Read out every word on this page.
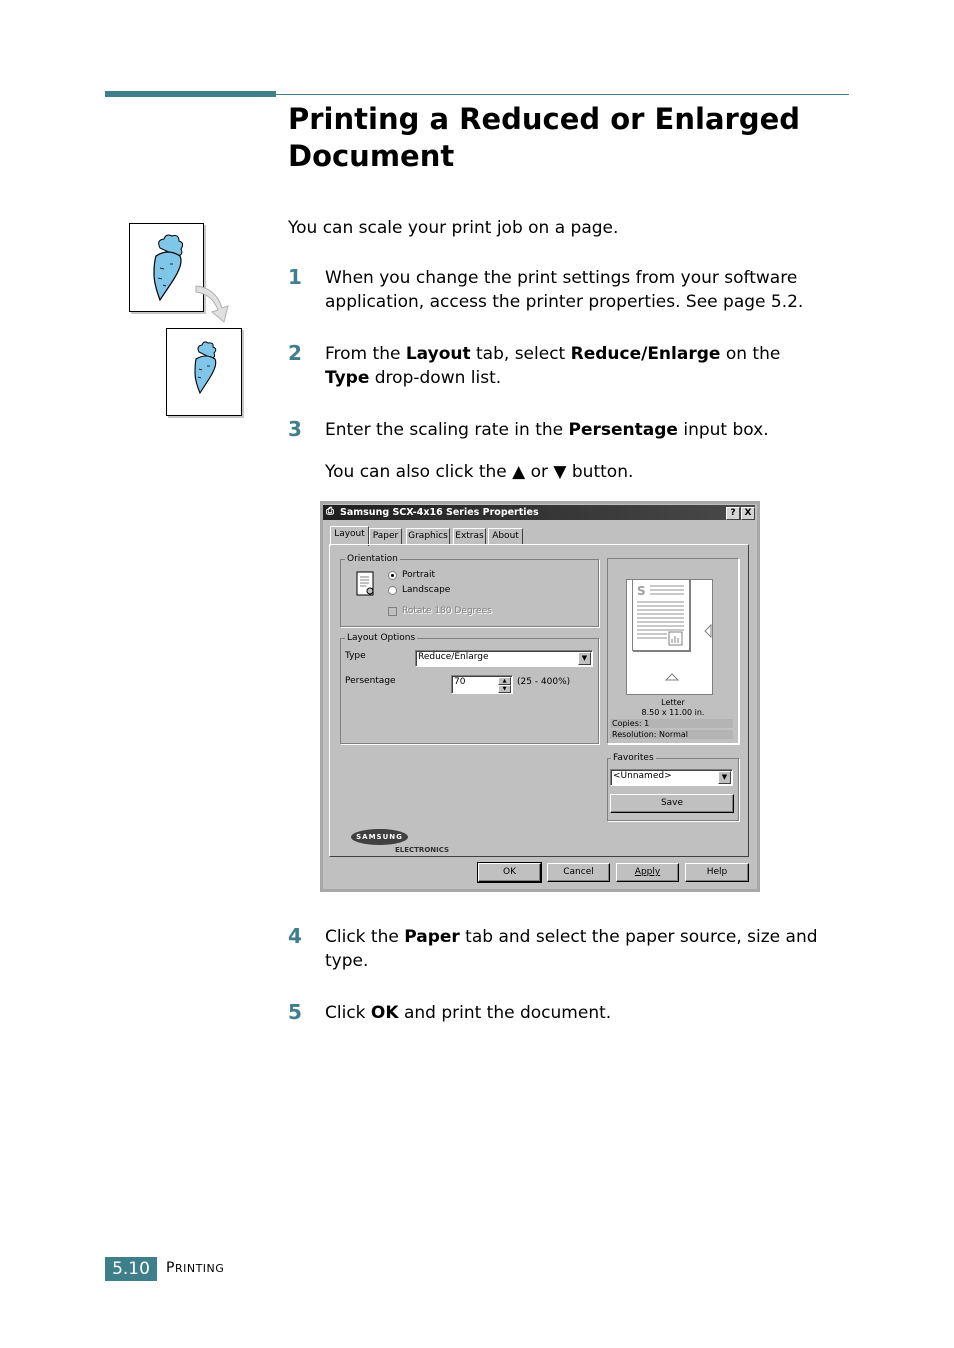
Printing a Reduced or Enlarged
Document
You can scale your print job on a page.
1 When you change the print settings from your software
application, access the printer properties. See page 5.2.
2 From the Layout tab, select Reduce/Enlarge on the
Type drop-down list.
3 Enter the scaling rate in the Persentage input box.
You can also click the ▲ or ▼ button.
⎙ Samsung SCX-4x16 Series Properties	? X
Layout Paper	Graphics Extras About
Orientation
Portrait
Landscape
Rotate 180 Degrees
Layout Options
Type	Reduce/Enlarge	▼
Persentage	70	▲
▼
(25 - 400%)
S
Letter
8.50 x 11.00 in.
Copies: 1
Resolution: Normal
Favorites
<Unnamed>	▼
Save
SAMSUNG
ELECTRONICS
OK	Cancel	Apply	Help
4 Click the Paper tab and select the paper source, size and
type.
5 Click OK and print the document.
5.10	PRINTING
